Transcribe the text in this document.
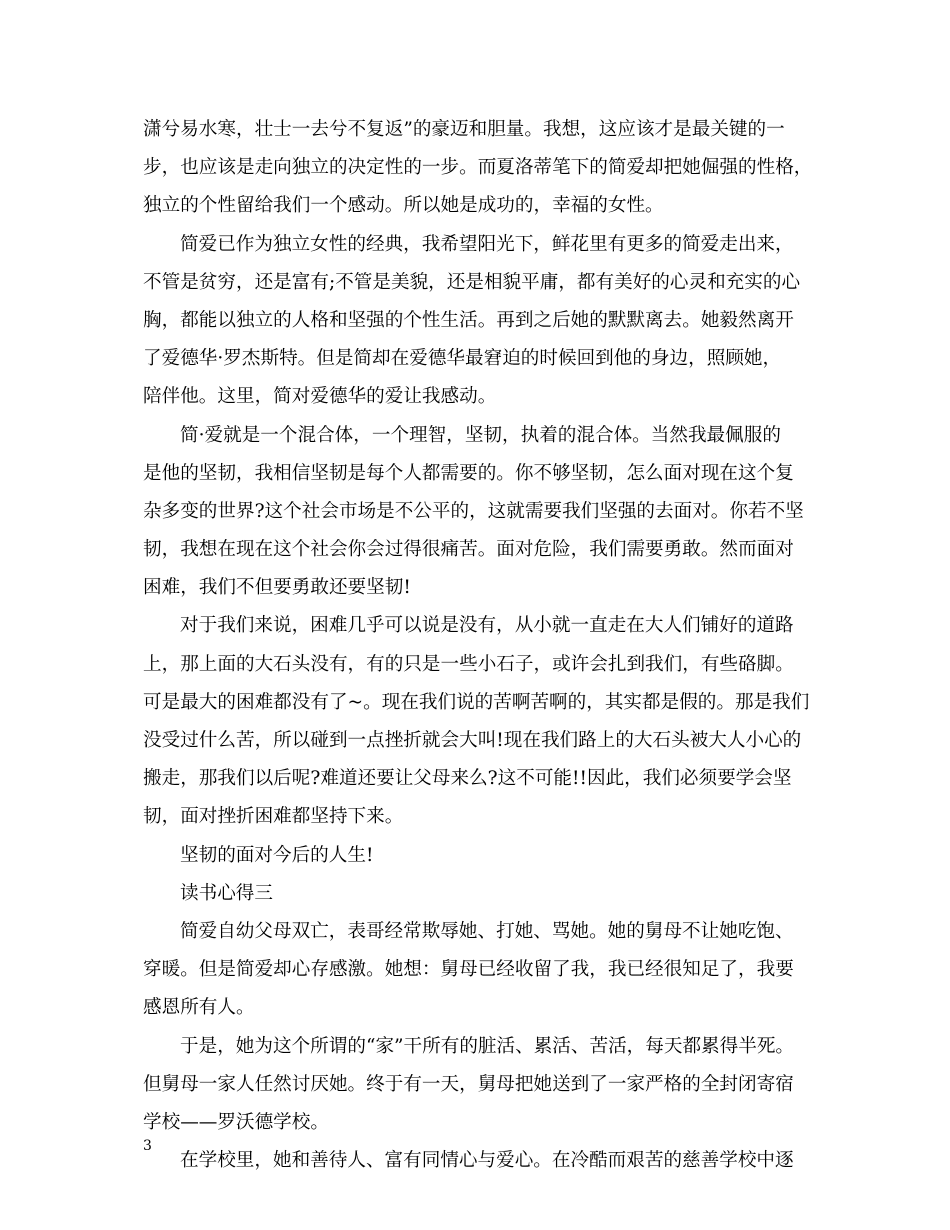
潇兮易水寒，壮士一去兮不复返”的豪迈和胆量。我想，这应该才是最关键的一
步，也应该是走向独立的决定性的一步。而夏洛蒂笔下的简爱却把她倔强的性格，
独立的个性留给我们一个感动。所以她是成功的，幸福的女性。
简爱已作为独立女性的经典，我希望阳光下，鲜花里有更多的简爱走出来，
不管是贫穷，还是富有;不管是美貌，还是相貌平庸，都有美好的心灵和充实的心
胸，都能以独立的人格和坚强的个性生活。再到之后她的默默离去。她毅然离开
了爱德华·罗杰斯特。但是简却在爱德华最窘迫的时候回到他的身边，照顾她，
陪伴他。这里，简对爱德华的爱让我感动。
简·爱就是一个混合体，一个理智，坚韧，执着的混合体。当然我最佩服的
是他的坚韧，我相信坚韧是每个人都需要的。你不够坚韧，怎么面对现在这个复
杂多变的世界?这个社会市场是不公平的，这就需要我们坚强的去面对。你若不坚
韧，我想在现在这个社会你会过得很痛苦。面对危险，我们需要勇敢。然而面对
困难，我们不但要勇敢还要坚韧!
对于我们来说，困难几乎可以说是没有，从小就一直走在大人们铺好的道路
上，那上面的大石头没有，有的只是一些小石子，或许会扎到我们，有些硌脚。
可是最大的困难都没有了~。现在我们说的苦啊苦啊的，其实都是假的。那是我们
没受过什么苦，所以碰到一点挫折就会大叫!现在我们路上的大石头被大人小心的
搬走，那我们以后呢?难道还要让父母来么?这不可能!!因此，我们必须要学会坚
韧，面对挫折困难都坚持下来。
坚韧的面对今后的人生!
读书心得三
简爱自幼父母双亡，表哥经常欺辱她、打她、骂她。她的舅母不让她吃饱、
穿暖。但是简爱却心存感激。她想：舅母已经收留了我，我已经很知足了，我要
感恩所有人。
于是，她为这个所谓的“家”干所有的脏活、累活、苦活，每天都累得半死。
但舅母一家人任然讨厌她。终于有一天，舅母把她送到了一家严格的全封闭寄宿
学校——罗沃德学校。
在学校里，她和善待人、富有同情心与爱心。在冷酷而艰苦的慈善学校中逐
3
